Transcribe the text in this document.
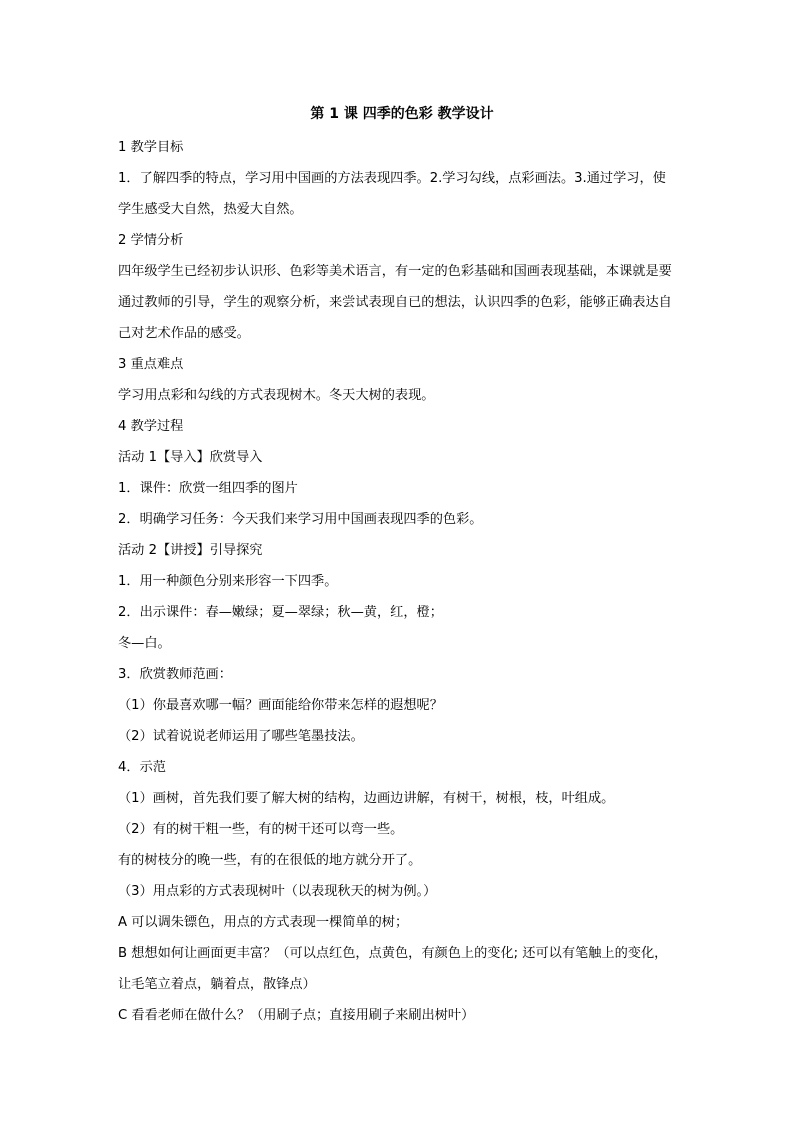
第 1 课 四季的色彩 教学设计

1 教学目标

1．了解四季的特点，学习用中国画的方法表现四季。2.学习勾线，点彩画法。3.通过学习，使学生感受大自然，热爱大自然。

2 学情分析

四年级学生已经初步认识形、色彩等美术语言，有一定的色彩基础和国画表现基础，本课就是要通过教师的引导，学生的观察分析，来尝试表现自已的想法，认识四季的色彩，能够正确表达自己对艺术作品的感受。

3 重点难点

学习用点彩和勾线的方式表现树木。冬天大树的表现。

4 教学过程

活动 1【导入】欣赏导入

1．课件：欣赏一组四季的图片

2．明确学习任务：今天我们来学习用中国画表现四季的色彩。

活动 2【讲授】引导探究

1．用一种颜色分别来形容一下四季。

2．出示课件：春—嫩绿；夏—翠绿；秋—黄，红，橙；

冬—白。

3．欣赏教师范画：

（1）你最喜欢哪一幅？画面能给你带来怎样的遐想呢？

（2）试着说说老师运用了哪些笔墨技法。

4．示范

（1）画树，首先我们要了解大树的结构，边画边讲解，有树干，树根，枝，叶组成。

（2）有的树干粗一些，有的树干还可以弯一些。

有的树枝分的晚一些，有的在很低的地方就分开了。

（3）用点彩的方式表现树叶（以表现秋天的树为例。）

A 可以调朱镖色，用点的方式表现一棵简单的树；

B 想想如何让画面更丰富？（可以点红色，点黄色，有颜色上的变化; 还可以有笔触上的变化，让毛笔立着点，躺着点，散锋点）

C 看看老师在做什么？（用刷子点；直接用刷子来刷出树叶）
